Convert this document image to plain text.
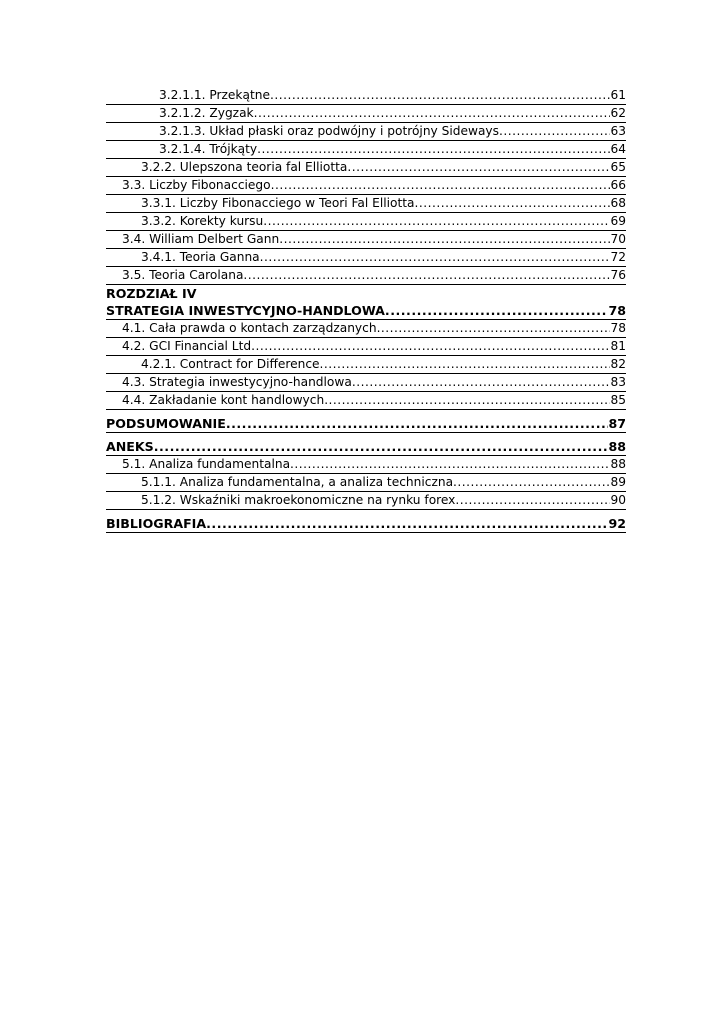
3.2.1.1. Przekątne .....	61
3.2.1.2. Zygzak .....	62
3.2.1.3. Układ płaski oraz podwójny i potrójny Sideways .....	63
3.2.1.4. Trójkąty .....	64
3.2.2. Ulepszona teoria fal Elliotta .....	65
3.3. Liczby Fibonacciego .....	66
3.3.1. Liczby Fibonacciego w Teori Fal Elliotta .....	68
3.3.2. Korekty kursu .....	69
3.4. William Delbert Gann .....	70
3.4.1. Teoria Ganna .....	72
3.5. Teoria Carolana .....	76
ROZDZIAŁ IV
STRATEGIA INWESTYCYJNO-HANDLOWA .....	78
4.1. Cała prawda o kontach zarządzanych .....	78
4.2. GCI Financial Ltd .....	81
4.2.1. Contract for Difference .....	82
4.3. Strategia inwestycyjno-handlowa .....	83
4.4. Zakładanie kont handlowych .....	85
PODSUMOWANIE .....	87
ANEKS .....	88
5.1. Analiza fundamentalna .....	88
5.1.1. Analiza fundamentalna, a analiza techniczna .....	89
5.1.2. Wskaźniki makroekonomiczne na rynku forex .....	90
BIBLIOGRAFIA .....	92
